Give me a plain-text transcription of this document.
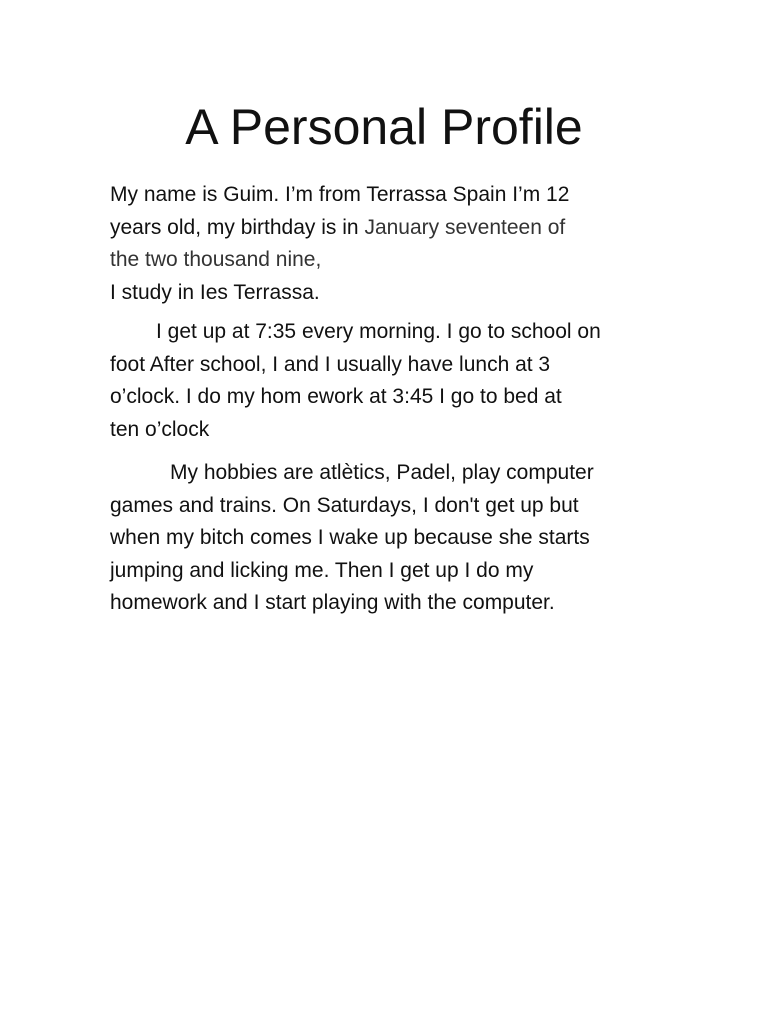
A Personal Profile

My name is Guim. I’m from Terrassa Spain I’m 12
years old, my birthday is in January seventeen of
the two thousand nine,
I study in Ies Terrassa.

I get up at 7:35 every morning. I go to school on
foot After school, I and I usually have lunch at 3
o’clock. I do my hom ework at 3:45 I go to bed at
ten o’clock

My hobbies are atlètics, Padel, play computer
games and trains. On Saturdays, I don't get up but
when my bitch comes I wake up because she starts
jumping and licking me. Then I get up I do my
homework and I start playing with the computer.
